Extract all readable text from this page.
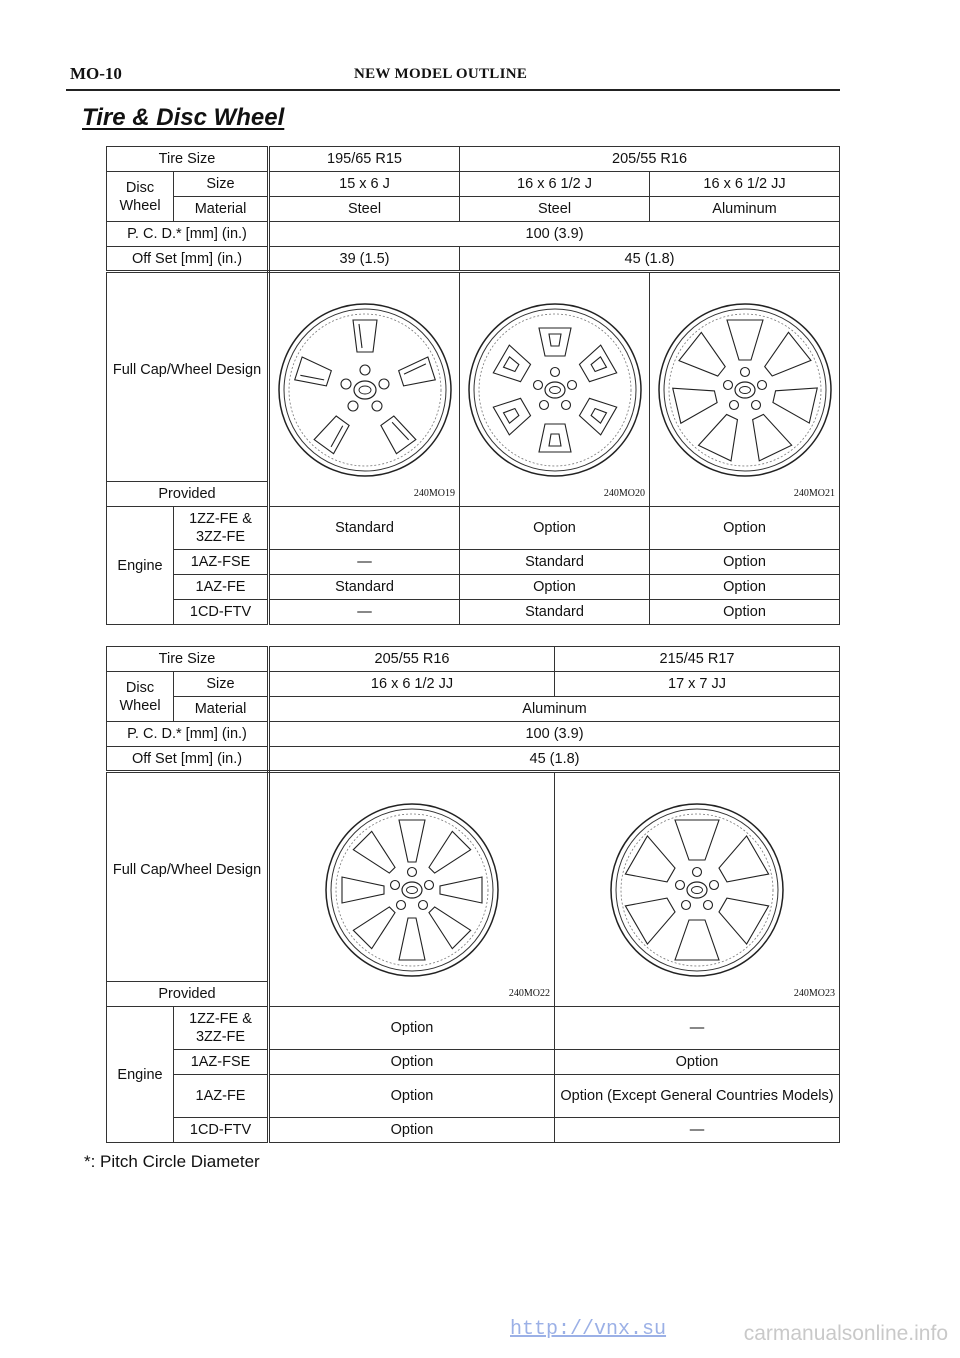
MO-10	NEW MODEL OUTLINE
Tire & Disc Wheel
Tire Size		195/65 R15	205/55 R16	
Disc Wheel	Size	15 x 6 J	16 x 6 1/2 J	16 x 6 1/2 JJ
	Material	Steel	Steel	Aluminum
P. C. D.* [mm] (in.)		100 (3.9)		
Off Set [mm] (in.)		39 (1.5)	45 (1.8)	
Full Cap/Wheel Design		240MO19	240MO20	240MO21

Provided				
Engine	1ZZ-FE & 3ZZ-FE	Standard	Option	Option
	1AZ-FSE	—	Standard	Option
	1AZ-FE	Standard	Option	Option
	1CD-FTV	—	Standard	Option
Tire Size		205/55 R16	215/45 R17
Disc Wheel	Size	16 x 6 1/2 JJ	17 x 7 JJ
	Material	Aluminum	
P. C. D.* [mm] (in.)		100 (3.9)	
Off Set [mm] (in.)		45 (1.8)	
Full Cap/Wheel Design		240MO22	240MO23

Provided			
Engine	1ZZ-FE & 3ZZ-FE	Option	—
	1AZ-FSE	Option	Option
	1AZ-FE	Option	Option (Except General Countries Models)
	1CD-FTV	Option	—
*: Pitch Circle Diameter
http://vnx.su	carmanualsonline.info
